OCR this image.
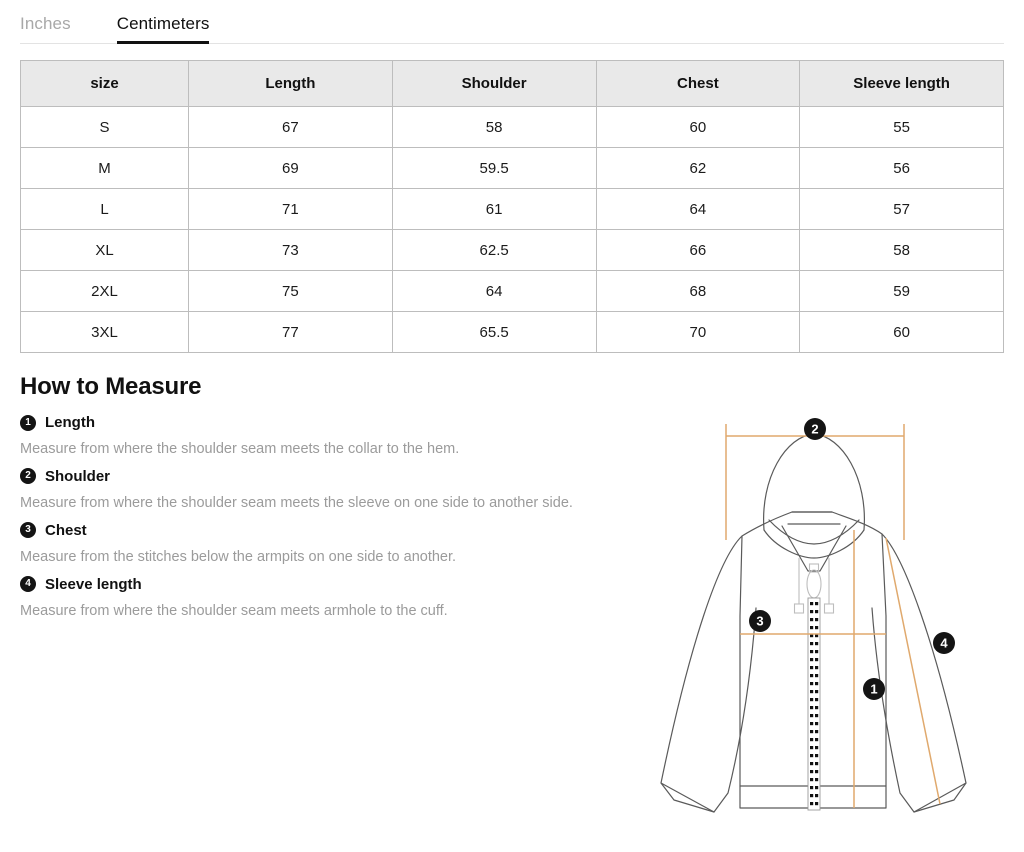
Inches	Centimeters
size	Length	Shoulder	Chest	Sleeve length
S	67	58	60	55
M	69	59.5	62	56
L	71	61	64	57
XL	73	62.5	66	58
2XL	75	64	68	59
3XL	77	65.5	70	60
How to Measure
1 Length
Measure from where the shoulder seam meets the collar to the hem.
2 Shoulder
Measure from where the shoulder seam meets the sleeve on one side to another side.
3 Chest
Measure from the stitches below the armpits on one side to another.
4 Sleeve length
Measure from where the shoulder seam meets armhole to the cuff.
2
3
1
4
